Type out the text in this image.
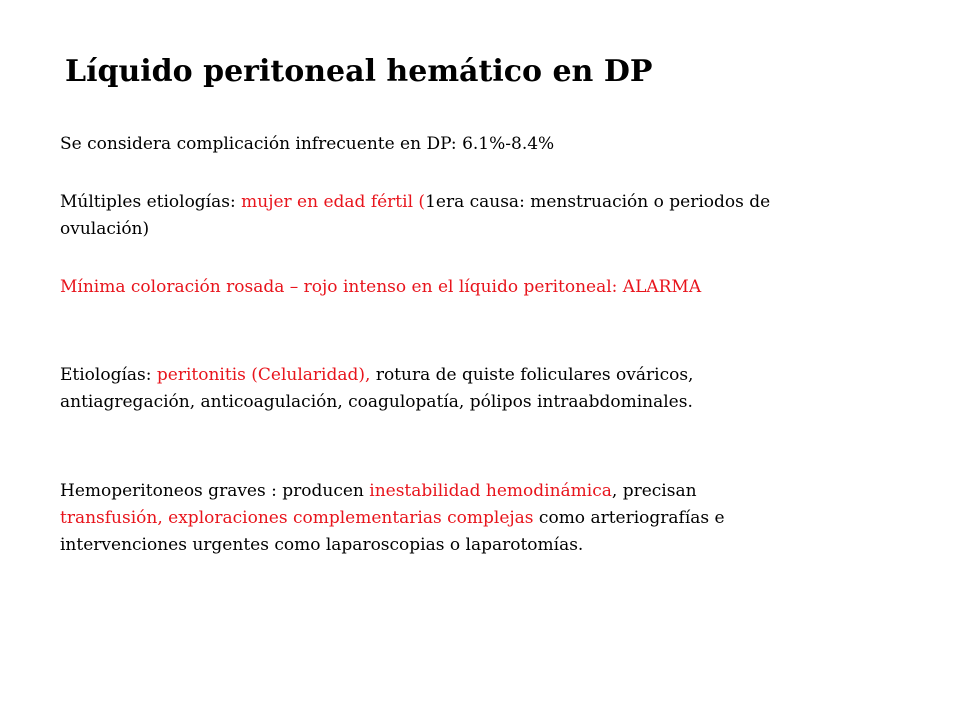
Líquido peritoneal hemático en DP

Se considera complicación infrecuente en DP: 6.1%-8.4%

Múltiples etiologías: mujer en edad fértil (1era causa: menstruación o periodos de
ovulación)

Mínima coloración rosada – rojo intenso en el líquido peritoneal: ALARMA

Etiologías: peritonitis (Celularidad), rotura de quiste foliculares ováricos,
antiagregación, anticoagulación, coagulopatía, pólipos intraabdominales.

Hemoperitoneos graves : producen inestabilidad hemodinámica, precisan
transfusión, exploraciones complementarias complejas como arteriografías e
intervenciones urgentes como laparoscopias o laparotomías.
